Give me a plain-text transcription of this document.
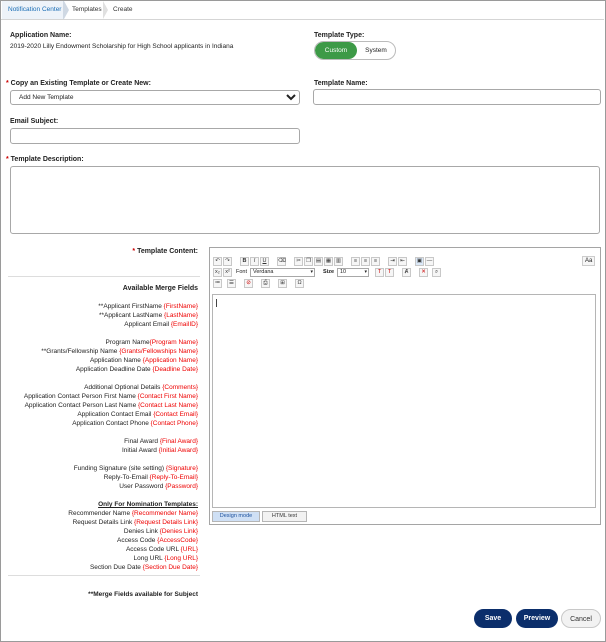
Notification Center	Templates Create
Application Name:
2019-2020 Lilly Endowment Scholarship for High School applicants in Indiana
Template Type:
Custom	System
* Copy an Existing Template or Create New:
Add New Template	Template Name:
Email Subject:
* Template Description:
* Template Content:
Available Merge Fields
**Applicant FirstName {FirstName}
**Applicant LastName {LastName}
Applicant Email {EmailID}
Program Name{Program Name}
**Grants/Fellowship Name {Grants/Fellowships Name}
Application Name {Application Name}
Application Deadline Date {Deadline Date}
Additional Optional Details {Comments}
Application Contact Person First Name {Contact First Name}
Application Contact Person Last Name {Contact Last Name}
Application Contact Email {Contact Email}
Application Contact Phone {Contact Phone}
Final Award {Final Award}
Initial Award {Initial Award}
Funding Signature (site setting) {Signature}
Reply-To-Email {Reply-To-Email}
User Password {Password}
Only For Nomination Templates:
Recommender Name {Recommender Name}
Request Details Link {Request Details Link}
Denies Link {Denies Link}
Access Code {AccessCode}
Access Code URL {URL}
Long URL {Long URL}
Section Due Date {Section Due Date}
**Merge Fields available for Subject
↶ ↷	B	I	U	⌫	✂ ❐ ▤ ▦ ▥	≡	≡	≡	⇥ ⇤	▣ ―	Aa
x₂ x²	Font	Verdana ▾	Size	10 ▾	T	T	Ⱥ	✕	⌕
≔	☰	⊘	⎙	⊞	Ω
Design mode	HTML text
Save	Preview	Cancel
